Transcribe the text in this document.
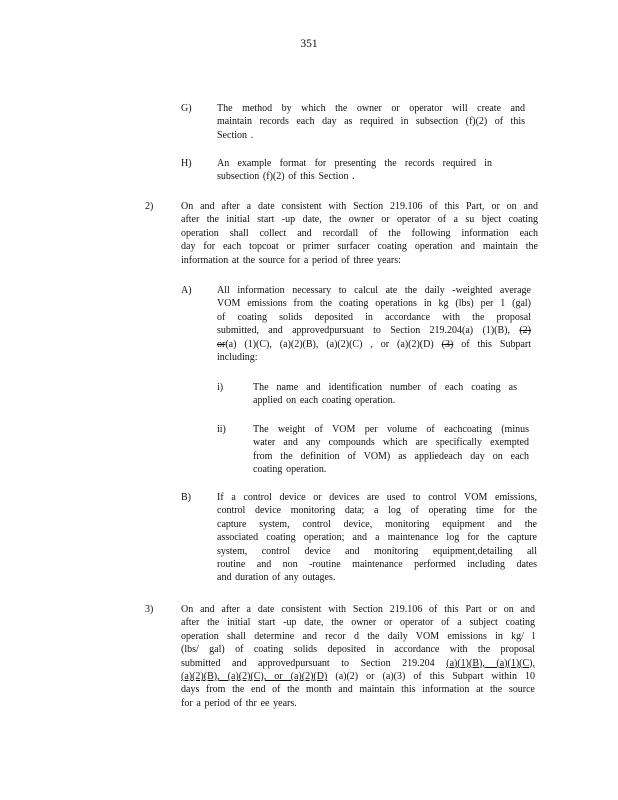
351
G)	The method by which the owner or operator will create and
maintain records each day as required in subsection (f)(2) of this
Section .
H)	An example format for presenting the records required in
subsection (f)(2) of this Section .
2)	On and after a date consistent with Section 219.106 of this Part, or on and
after the initial start -up date, the owner or operator of a su bject coating
operation shall collect and recordall of the following information each
day for each topcoat or primer surfacer coating operation and maintain the
information at the source for a period of three years:
A)	All information necessary to calcul ate the daily -weighted average
VOM emissions from the coating operations in kg (lbs) per 1 (gal)
of coating solids deposited in accordance with the proposal
submitted, and approvedpursuant to Section 219.204(a) (1)(B), (2)
or(a) (1)(C), (a)(2)(B), (a)(2)(C) , or (a)(2)(D) (3) of this Subpart
including:
i)	The name and identification number of each coating as
applied on each coating operation.
ii)	The weight of VOM per volume of eachcoating (minus
water and any compounds which are specifically exempted
from the definition of VOM) as appliedeach day on each
coating operation.
B)	If a control device or devices are used to control VOM emissions,
control device monitoring data; a log of operating time for the
capture system, control device, monitoring equipment and the
associated coating operation; and a maintenance log for the capture
system, control device and monitoring equipment,detailing all
routine and non -routine maintenance performed including dates
and duration of any outages.
3)	On and after a date consistent with Section 219.106 of this Part or on and
after the initial start -up date, the owner or operator of a subject coating
operation shall determine and recor d the daily VOM emissions in kg/ l
(lbs/ gal) of coating solids deposited in accordance with the proposal
submitted and approvedpursuant to Section 219.204 (a)(1)(B), (a)(1)(C),
(a)(2)(B), (a)(2)(C), or (a)(2)(D) (a)(2) or (a)(3) of this Subpart within 10
days from the end of the month and maintain this information at the source
for a period of thr ee years.
